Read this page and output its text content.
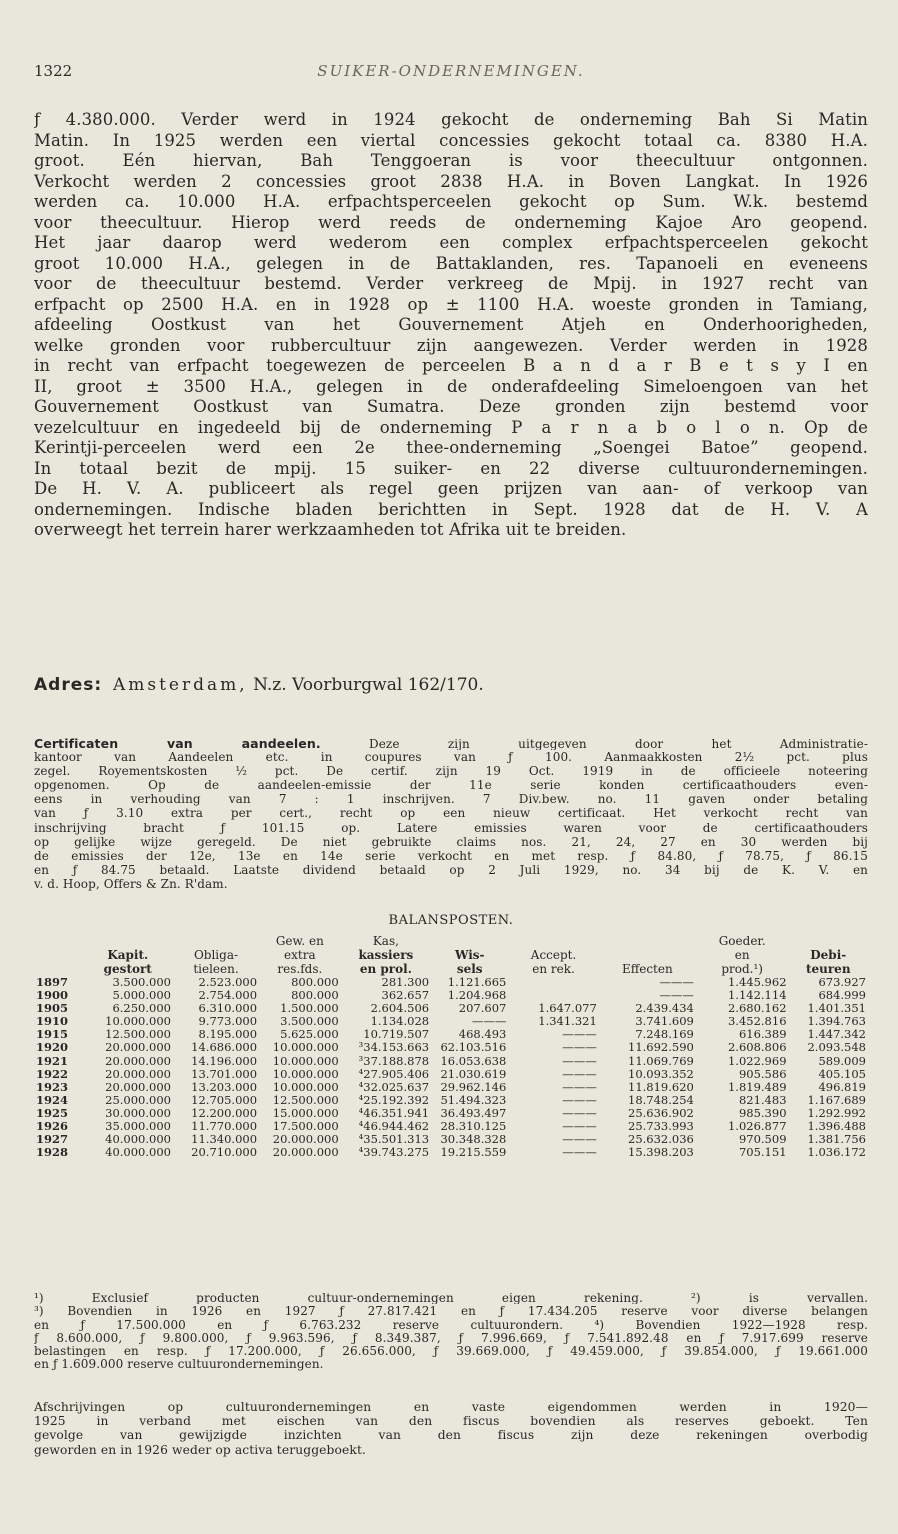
1322	SUIKER-ONDERNEMINGEN.
ƒ 4.380.000. Verder werd in 1924 gekocht de onderneming Bah Si Matin
Matin. In 1925 werden een viertal concessies gekocht totaal ca. 8380 H.A.
groot. Eén hiervan, Bah Tenggoeran is voor theecultuur ontgonnen.
Verkocht werden 2 concessies groot 2838 H.A. in Boven Langkat. In 1926
werden ca. 10.000 H.A. erfpachtsperceelen gekocht op Sum. W.k. bestemd
voor theecultuur. Hierop werd reeds de onderneming Kajoe Aro geopend.
Het jaar daarop werd wederom een complex erfpachtsperceelen gekocht
groot 10.000 H.A., gelegen in de Battaklanden, res. Tapanoeli en eveneens
voor de theecultuur bestemd. Verder verkreeg de Mpij. in 1927 recht van
erfpacht op 2500 H.A. en in 1928 op ± 1100 H.A. woeste gronden in Tamiang,
afdeeling Oostkust van het Gouvernement Atjeh en Onderhoorigheden,
welke gronden voor rubbercultuur zijn aangewezen. Verder werden in 1928
in recht van erfpacht toegewezen de perceelen B a n d a r B e t s y I en
II, groot ± 3500 H.A., gelegen in de onderafdeeling Simeloengoen van het
Gouvernement Oostkust van Sumatra. Deze gronden zijn bestemd voor
vezelcultuur en ingedeeld bij de onderneming P a r n a b o l o n. Op de
Kerintji-perceelen werd een 2e thee-onderneming „Soengei Batoe” geopend.
In totaal bezit de mpij. 15 suiker- en 22 diverse cultuurondernemingen.
De H. V. A. publiceert als regel geen prijzen van aan- of verkoop van
ondernemingen. Indische bladen berichtten in Sept. 1928 dat de H. V. A
overweegt het terrein harer werkzaamheden tot Afrika uit te breiden.
Adres: Amsterdam, N.z. Voorburgwal 162/170.
Certificaten van aandeelen. Deze zijn uitgegeven door het Administratie-
kantoor van Aandeelen etc. in coupures van ƒ 100. Aanmaakkosten 2½ pct. plus
zegel. Royementskosten ½ pct. De certif. zijn 19 Oct. 1919 in de officieele noteering
opgenomen. Op de aandeelen-emissie der 11e serie konden certificaathouders even-
eens in verhouding van 7 : 1 inschrijven. 7 Div.bew. no. 11 gaven onder betaling
van ƒ 3.10 extra per cert., recht op een nieuw certificaat. Het verkocht recht van
inschrijving bracht ƒ 101.15 op. Latere emissies waren voor de certificaathouders
op gelijke wijze geregeld. De niet gebruikte claims nos. 21, 24, 27 en 30 werden bij
de emissies der 12e, 13e en 14e serie verkocht en met resp. ƒ 84.80, ƒ 78.75, ƒ 86.15
en ƒ 84.75 betaald. Laatste dividend betaald op 2 Juli 1929, no. 34 bij de K. V. en
v. d. Hoop, Offers & Zn. R'dam.
BALANSPOSTEN.
			Gew. en	Kas,				Goeder.	
	Kapit.	Obliga-	extra	kassiers	Wis-	Accept.		en	Debi-
	gestort	tieleen.	res.fds.	en prol.	sels	en rek.	Effecten	prod.¹)	teuren
1897	3.500.000	2.523.000	800.000	281.300	1.121.665		———	1.445.962	673.927
1900	5.000.000	2.754.000	800.000	362.657	1.204.968		———	1.142.114	684.999
1905	6.250.000	6.310.000	1.500.000	2.604.506	207.607	1.647.077	2.439.434	2.680.162	1.401.351
1910	10.000.000	9.773.000	3.500.000	1.134.028	———	1.341.321	3.741.609	3.452.816	1.394.763
1915	12.500.000	8.195.000	5.625.000	10.719.507	468.493	———	7.248.169	616.389	1.447.342
1920	20.000.000	14.686.000	10.000.000	³34.153.663	62.103.516	———	11.692.590	2.608.806	2.093.548
1921	20.000.000	14.196.000	10.000.000	³37.188.878	16.053.638	———	11.069.769	1.022.969	589.009
1922	20.000.000	13.701.000	10.000.000	⁴27.905.406	21.030.619	———	10.093.352	905.586	405.105
1923	20.000.000	13.203.000	10.000.000	⁴32.025.637	29.962.146	———	11.819.620	1.819.489	496.819
1924	25.000.000	12.705.000	12.500.000	⁴25.192.392	51.494.323	———	18.748.254	821.483	1.167.689
1925	30.000.000	12.200.000	15.000.000	⁴46.351.941	36.493.497	———	25.636.902	985.390	1.292.992
1926	35.000.000	11.770.000	17.500.000	⁴46.944.462	28.310.125	———	25.733.993	1.026.877	1.396.488
1927	40.000.000	11.340.000	20.000.000	⁴35.501.313	30.348.328	———	25.632.036	970.509	1.381.756
1928	40.000.000	20.710.000	20.000.000	⁴39.743.275	19.215.559	———	15.398.203	705.151	1.036.172
¹) Exclusief producten cultuur-ondernemingen eigen rekening. ²) is vervallen.
³) Bovendien in 1926 en 1927 ƒ 27.817.421 en ƒ 17.434.205 reserve voor diverse belangen
en ƒ 17.500.000 en ƒ 6.763.232 reserve cultuurondern. ⁴) Bovendien 1922—1928 resp.
ƒ 8.600.000, ƒ 9.800.000, ƒ 9.963.596, ƒ 8.349.387, ƒ 7.996.669, ƒ 7.541.892.48 en ƒ 7.917.699 reserve
belastingen en resp. ƒ 17.200.000, ƒ 26.656.000, ƒ 39.669.000, ƒ 49.459.000, ƒ 39.854.000, ƒ 19.661.000
en ƒ 1.609.000 reserve cultuurondernemingen.
Afschrijvingen op cultuurondernemingen en vaste eigendommen werden in 1920—
1925 in verband met eischen van den fiscus bovendien als reserves geboekt. Ten
gevolge van gewijzigde inzichten van den fiscus zijn deze rekeningen overbodig
geworden en in 1926 weder op activa teruggeboekt.
